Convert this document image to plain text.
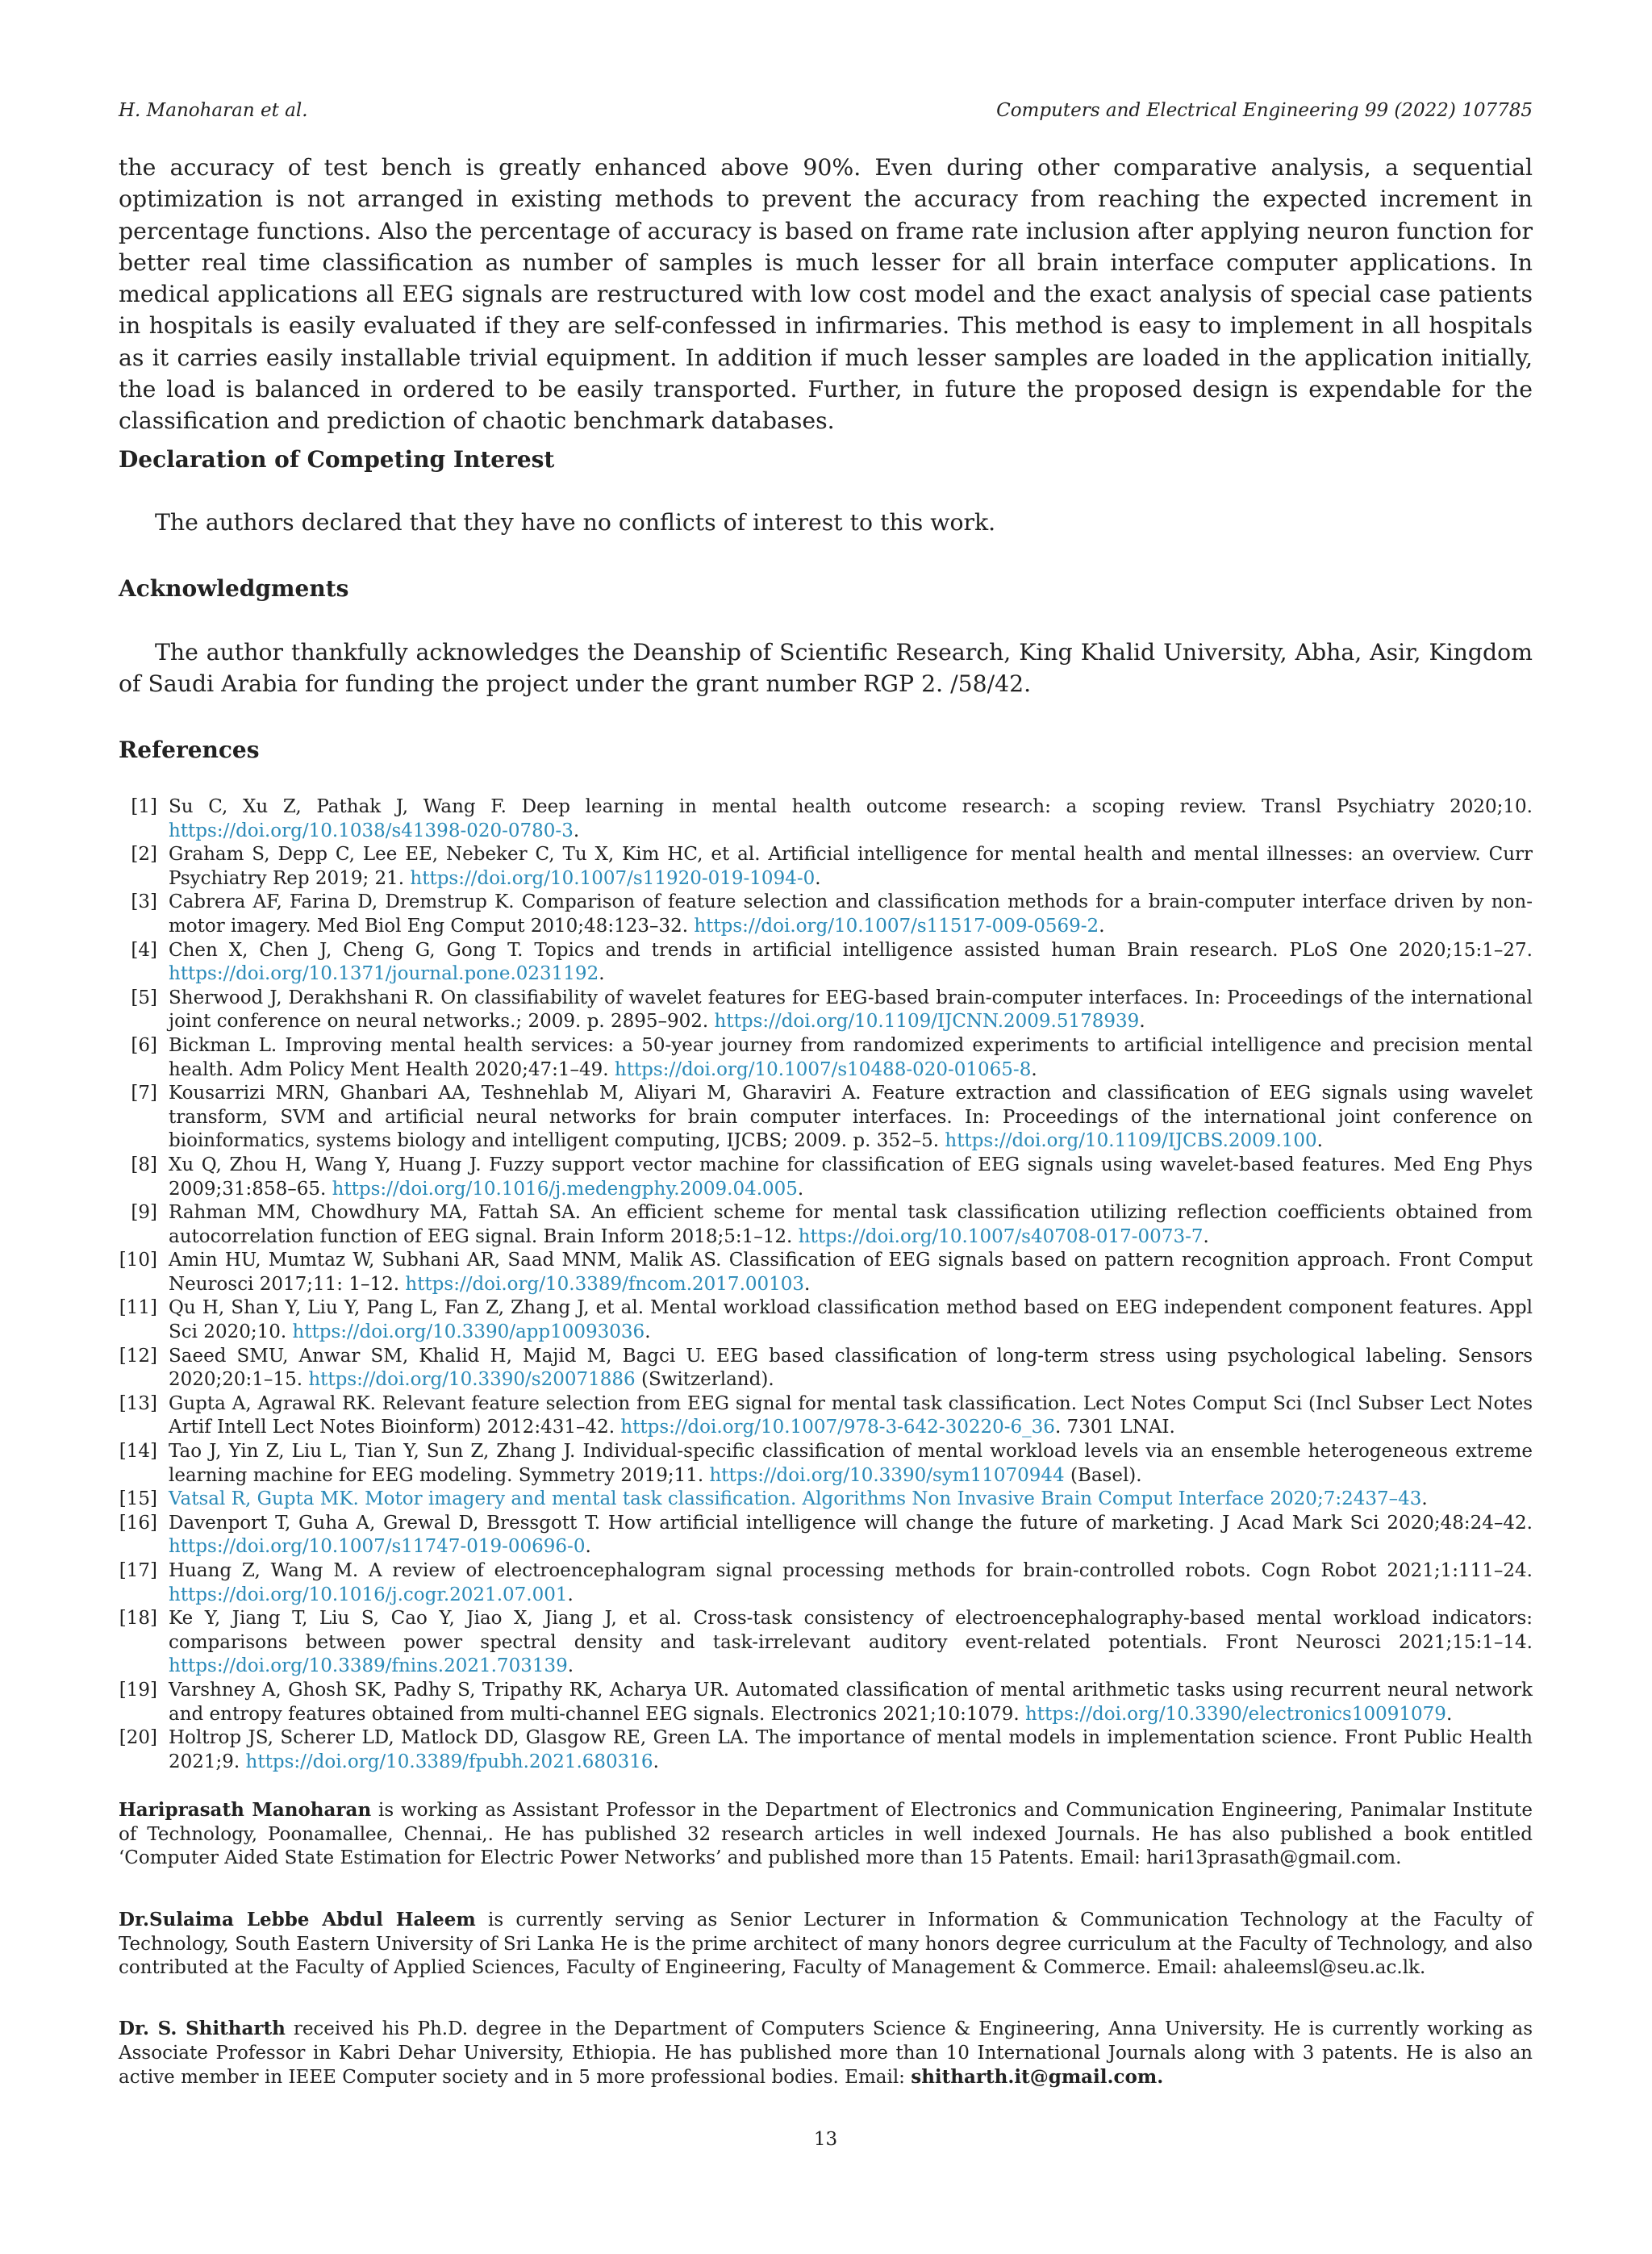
H. Manoharan et al.	Computers and Electrical Engineering 99 (2022) 107785

the accuracy of test bench is greatly enhanced above 90%. Even during other comparative analysis, a sequential optimization is not arranged in existing methods to prevent the accuracy from reaching the expected increment in percentage functions. Also the percentage of accuracy is based on frame rate inclusion after applying neuron function for better real time classification as number of samples is much lesser for all brain interface computer applications. In medical applications all EEG signals are restructured with low cost model and the exact analysis of special case patients in hospitals is easily evaluated if they are self-confessed in infirmaries. This method is easy to implement in all hospitals as it carries easily installable trivial equipment. In addition if much lesser samples are loaded in the application initially, the load is balanced in ordered to be easily transported. Further, in future the proposed design is expendable for the classification and prediction of chaotic benchmark databases.

Declaration of Competing Interest
The authors declared that they have no conflicts of interest to this work.
Acknowledgments
The author thankfully acknowledges the Deanship of Scientific Research, King Khalid University, Abha, Asir, Kingdom of Saudi Arabia for funding the project under the grant number RGP 2. /58/42.
References
[1] Su C, Xu Z, Pathak J, Wang F. Deep learning in mental health outcome research: a scoping review. Transl Psychiatry 2020;10. https://doi.org/10.1038/s41398-020-0780-3.
[2] Graham S, Depp C, Lee EE, Nebeker C, Tu X, Kim HC, et al. Artificial intelligence for mental health and mental illnesses: an overview. Curr Psychiatry Rep 2019; 21. https://doi.org/10.1007/s11920-019-1094-0.
[3] Cabrera AF, Farina D, Dremstrup K. Comparison of feature selection and classification methods for a brain-computer interface driven by non-motor imagery. Med Biol Eng Comput 2010;48:123–32. https://doi.org/10.1007/s11517-009-0569-2.
[4] Chen X, Chen J, Cheng G, Gong T. Topics and trends in artificial intelligence assisted human Brain research. PLoS One 2020;15:1–27. https://doi.org/10.1371/journal.pone.0231192.
[5] Sherwood J, Derakhshani R. On classifiability of wavelet features for EEG-based brain-computer interfaces. In: Proceedings of the international joint conference on neural networks.; 2009. p. 2895–902. https://doi.org/10.1109/IJCNN.2009.5178939.
[6] Bickman L. Improving mental health services: a 50-year journey from randomized experiments to artificial intelligence and precision mental health. Adm Policy Ment Health 2020;47:1–49. https://doi.org/10.1007/s10488-020-01065-8.
[7] Kousarrizi MRN, Ghanbari AA, Teshnehlab M, Aliyari M, Gharaviri A. Feature extraction and classification of EEG signals using wavelet transform, SVM and artificial neural networks for brain computer interfaces. In: Proceedings of the international joint conference on bioinformatics, systems biology and intelligent computing, IJCBS; 2009. p. 352–5. https://doi.org/10.1109/IJCBS.2009.100.
[8] Xu Q, Zhou H, Wang Y, Huang J. Fuzzy support vector machine for classification of EEG signals using wavelet-based features. Med Eng Phys 2009;31:858–65. https://doi.org/10.1016/j.medengphy.2009.04.005.
[9] Rahman MM, Chowdhury MA, Fattah SA. An efficient scheme for mental task classification utilizing reflection coefficients obtained from autocorrelation function of EEG signal. Brain Inform 2018;5:1–12. https://doi.org/10.1007/s40708-017-0073-7.
[10] Amin HU, Mumtaz W, Subhani AR, Saad MNM, Malik AS. Classification of EEG signals based on pattern recognition approach. Front Comput Neurosci 2017;11: 1–12. https://doi.org/10.3389/fncom.2017.00103.
[11] Qu H, Shan Y, Liu Y, Pang L, Fan Z, Zhang J, et al. Mental workload classification method based on EEG independent component features. Appl Sci 2020;10. https://doi.org/10.3390/app10093036.
[12] Saeed SMU, Anwar SM, Khalid H, Majid M, Bagci U. EEG based classification of long-term stress using psychological labeling. Sensors 2020;20:1–15. https://doi.org/10.3390/s20071886 (Switzerland).
[13] Gupta A, Agrawal RK. Relevant feature selection from EEG signal for mental task classification. Lect Notes Comput Sci (Incl Subser Lect Notes Artif Intell Lect Notes Bioinform) 2012:431–42. https://doi.org/10.1007/978-3-642-30220-6_36. 7301 LNAI.
[14] Tao J, Yin Z, Liu L, Tian Y, Sun Z, Zhang J. Individual-specific classification of mental workload levels via an ensemble heterogeneous extreme learning machine for EEG modeling. Symmetry 2019;11. https://doi.org/10.3390/sym11070944 (Basel).
[15] Vatsal R, Gupta MK. Motor imagery and mental task classification. Algorithms Non Invasive Brain Comput Interface 2020;7:2437–43.
[16] Davenport T, Guha A, Grewal D, Bressgott T. How artificial intelligence will change the future of marketing. J Acad Mark Sci 2020;48:24–42. https://doi.org/10.1007/s11747-019-00696-0.
[17] Huang Z, Wang M. A review of electroencephalogram signal processing methods for brain-controlled robots. Cogn Robot 2021;1:111–24. https://doi.org/10.1016/j.cogr.2021.07.001.
[18] Ke Y, Jiang T, Liu S, Cao Y, Jiao X, Jiang J, et al. Cross-task consistency of electroencephalography-based mental workload indicators: comparisons between power spectral density and task-irrelevant auditory event-related potentials. Front Neurosci 2021;15:1–14. https://doi.org/10.3389/fnins.2021.703139.
[19] Varshney A, Ghosh SK, Padhy S, Tripathy RK, Acharya UR. Automated classification of mental arithmetic tasks using recurrent neural network and entropy features obtained from multi-channel EEG signals. Electronics 2021;10:1079. https://doi.org/10.3390/electronics10091079.
[20] Holtrop JS, Scherer LD, Matlock DD, Glasgow RE, Green LA. The importance of mental models in implementation science. Front Public Health 2021;9. https://doi.org/10.3389/fpubh.2021.680316.
Hariprasath Manoharan is working as Assistant Professor in the Department of Electronics and Communication Engineering, Panimalar Institute of Technology, Poonamallee, Chennai,. He has published 32 research articles in well indexed Journals. He has also published a book entitled ‘Computer Aided State Estimation for Electric Power Networks’ and published more than 15 Patents. Email: hari13prasath@gmail.com.
Dr.Sulaima Lebbe Abdul Haleem is currently serving as Senior Lecturer in Information & Communication Technology at the Faculty of Technology, South Eastern University of Sri Lanka He is the prime architect of many honors degree curriculum at the Faculty of Technology, and also contributed at the Faculty of Applied Sciences, Faculty of Engineering, Faculty of Management & Commerce. Email: ahaleemsl@seu.ac.lk.
Dr. S. Shitharth received his Ph.D. degree in the Department of Computers Science & Engineering, Anna University. He is currently working as Associate Professor in Kabri Dehar University, Ethiopia. He has published more than 10 International Journals along with 3 patents. He is also an active member in IEEE Computer society and in 5 more professional bodies. Email: shitharth.it@gmail.com.
13
